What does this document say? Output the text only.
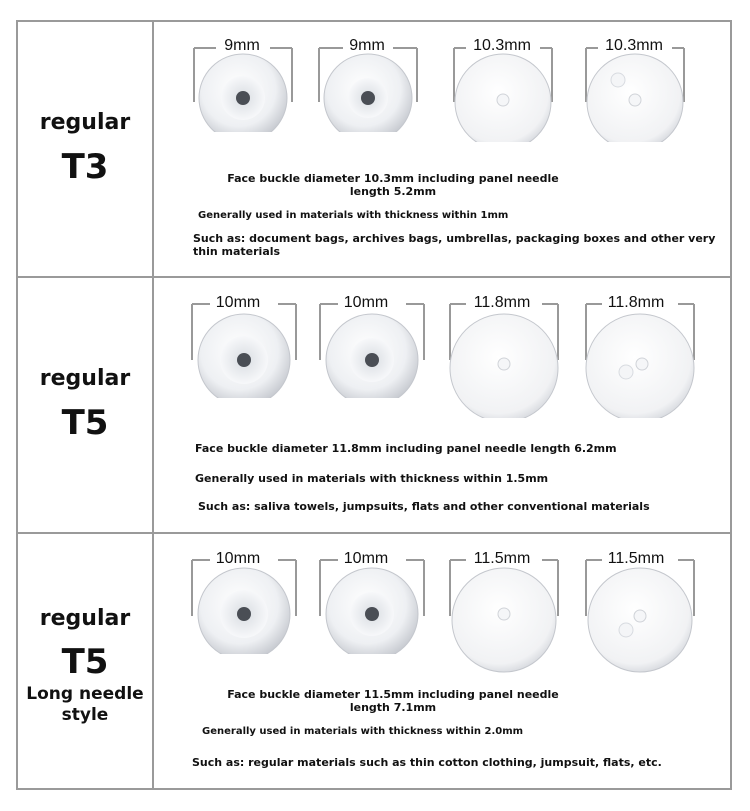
regular
T3
9mm	9mm	10.3mm	10.3mm
Face buckle diameter 10.3mm including panel needle length 5.2mm
Generally used in materials with thickness within 1mm
Such as: document bags, archives bags, umbrellas, packaging boxes and other very thin materials
regular
T5
10mm	10mm	11.8mm	11.8mm
Face buckle diameter 11.8mm including panel needle length 6.2mm
Generally used in materials with thickness within 1.5mm
Such as: saliva towels, jumpsuits, flats and other conventional materials
regular
T5
Long needle style
10mm	10mm	11.5mm	11.5mm
Face buckle diameter 11.5mm including panel needle length 7.1mm
Generally used in materials with thickness within 2.0mm
Such as: regular materials such as thin cotton clothing, jumpsuit, flats, etc.
